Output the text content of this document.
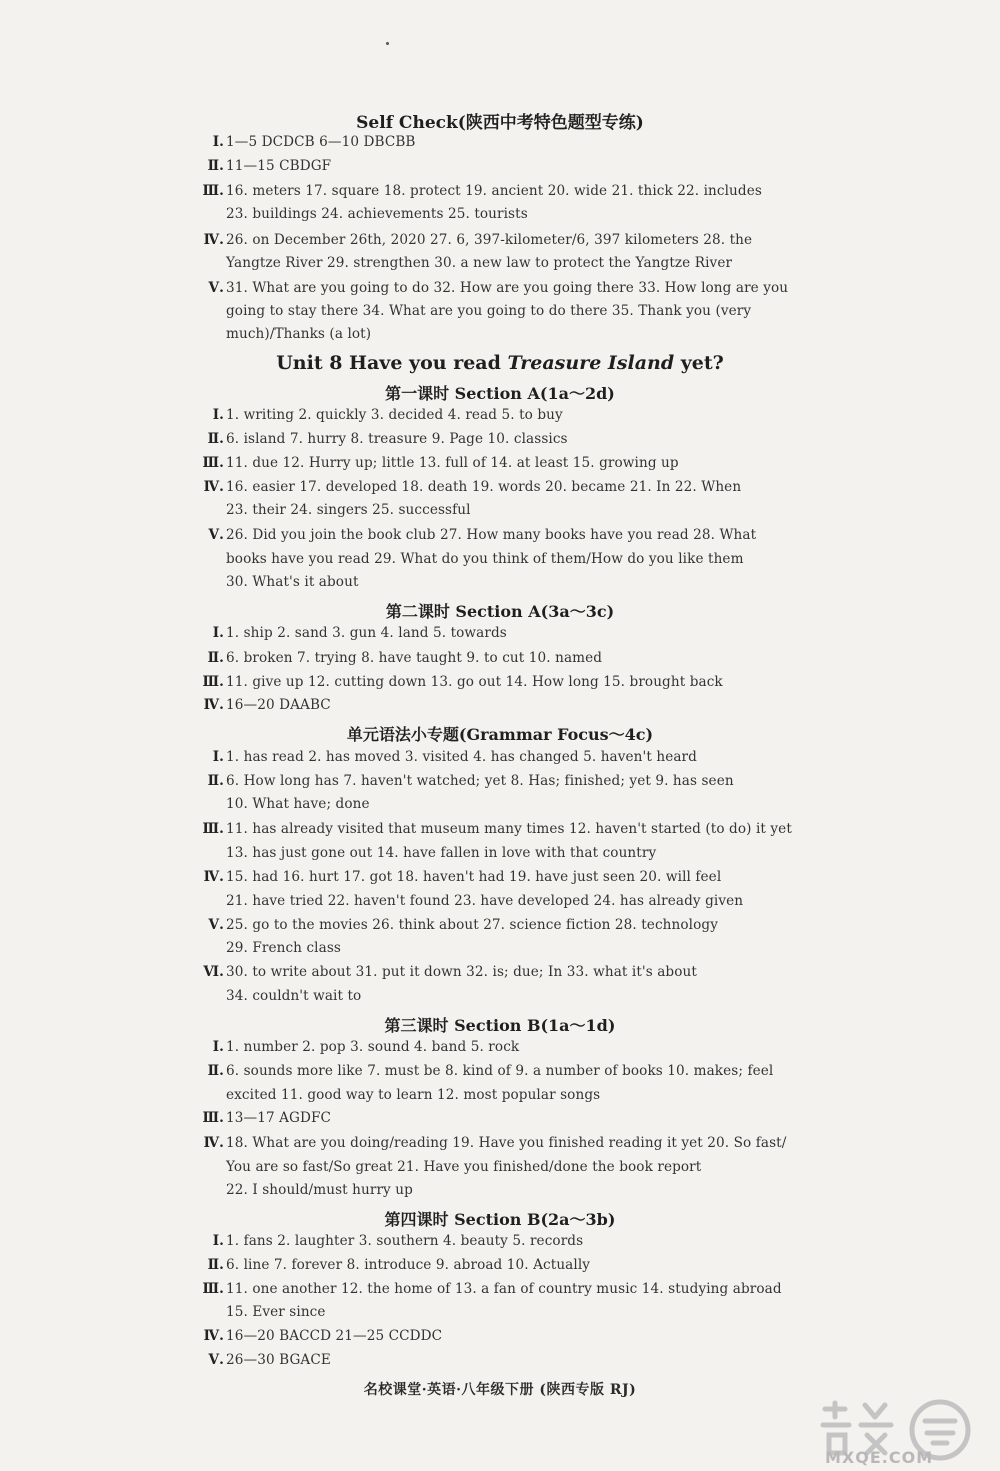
Self Check(陕西中考特色题型专练)
Ⅰ. 1—5 DCDCB 6—10 DBCBB
Ⅱ. 11—15 CBDGF
Ⅲ. 16. meters 17. square 18. protect 19. ancient 20. wide 21. thick 22. includes
23. buildings 24. achievements 25. tourists
Ⅳ. 26. on December 26th, 2020 27. 6, 397-kilometer/6, 397 kilometers 28. the
Yangtze River 29. strengthen 30. a new law to protect the Yangtze River
Ⅴ. 31. What are you going to do 32. How are you going there 33. How long are you
going to stay there 34. What are you going to do there 35. Thank you (very
much)/Thanks (a lot)
Unit 8 Have you read Treasure Island yet?
第一课时 Section A(1a～2d)
Ⅰ. 1. writing 2. quickly 3. decided 4. read 5. to buy
Ⅱ. 6. island 7. hurry 8. treasure 9. Page 10. classics
Ⅲ. 11. due 12. Hurry up; little 13. full of 14. at least 15. growing up
Ⅳ. 16. easier 17. developed 18. death 19. words 20. became 21. In 22. When
23. their 24. singers 25. successful
Ⅴ. 26. Did you join the book club 27. How many books have you read 28. What
books have you read 29. What do you think of them/How do you like them
30. What's it about
第二课时 Section A(3a～3c)
Ⅰ. 1. ship 2. sand 3. gun 4. land 5. towards
Ⅱ. 6. broken 7. trying 8. have taught 9. to cut 10. named
Ⅲ. 11. give up 12. cutting down 13. go out 14. How long 15. brought back
Ⅳ. 16—20 DAABC
单元语法小专题(Grammar Focus～4c)
Ⅰ. 1. has read 2. has moved 3. visited 4. has changed 5. haven't heard
Ⅱ. 6. How long has 7. haven't watched; yet 8. Has; finished; yet 9. has seen
10. What have; done
Ⅲ. 11. has already visited that museum many times 12. haven't started (to do) it yet
13. has just gone out 14. have fallen in love with that country
Ⅳ. 15. had 16. hurt 17. got 18. haven't had 19. have just seen 20. will feel
21. have tried 22. haven't found 23. have developed 24. has already given
Ⅴ. 25. go to the movies 26. think about 27. science fiction 28. technology
29. French class
Ⅵ. 30. to write about 31. put it down 32. is; due; In 33. what it's about
34. couldn't wait to
第三课时 Section B(1a～1d)
Ⅰ. 1. number 2. pop 3. sound 4. band 5. rock
Ⅱ. 6. sounds more like 7. must be 8. kind of 9. a number of books 10. makes; feel
excited 11. good way to learn 12. most popular songs
Ⅲ. 13—17 AGDFC
Ⅳ. 18. What are you doing/reading 19. Have you finished reading it yet 20. So fast/
You are so fast/So great 21. Have you finished/done the book report
22. I should/must hurry up
第四课时 Section B(2a～3b)
Ⅰ. 1. fans 2. laughter 3. southern 4. beauty 5. records
Ⅱ. 6. line 7. forever 8. introduce 9. abroad 10. Actually
Ⅲ. 11. one another 12. the home of 13. a fan of country music 14. studying abroad
15. Ever since
Ⅳ. 16—20 BACCD 21—25 CCDDC
Ⅴ. 26—30 BGACE
名校课堂·英语·八年级下册 (陕西专版 RJ)
MXQE.COM
